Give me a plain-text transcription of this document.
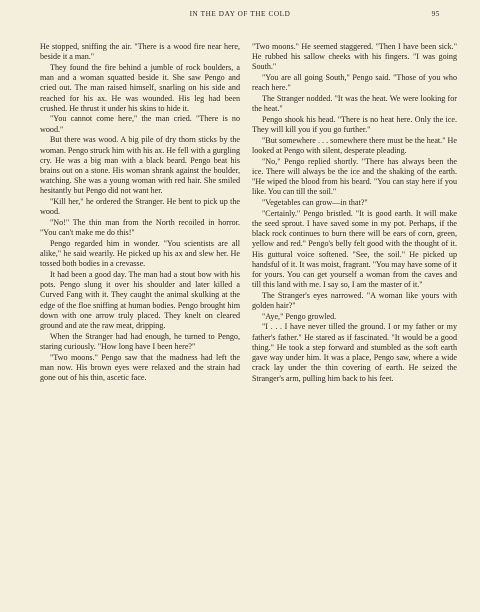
IN THE DAY OF THE COLD	95

He stopped, sniffing the air. "There is a wood fire near here, beside it a man."

They found the fire behind a jumble of rock boulders, a man and a woman squatted beside it. She saw Pengo and cried out. The man raised himself, snarling on his side and reached for his ax. He was wounded. His leg had been crushed. He thrust it under his skins to hide it.

"You cannot come here," the man cried. "There is no wood."

But there was wood. A big pile of dry thorn sticks by the woman. Pengo struck him with his ax. He fell with a gurgling cry. He was a big man with a black beard. Pengo beat his brains out on a stone. His woman shrank against the boulder, watching. She was a young woman with red hair. She smiled hesitantly but Pengo did not want her.

"Kill her," he ordered the Stranger. He bent to pick up the wood.

"No!" The thin man from the North recoiled in horror. "You can't make me do this!"

Pengo regarded him in wonder. "You scientists are all alike," he said wearily. He picked up his ax and slew her. He tossed both bodies in a crevasse.

It had been a good day. The man had a stout bow with his pots. Pengo slung it over his shoulder and later killed a Curved Fang with it. They caught the animal skulking at the edge of the floe sniffing at human bodies. Pengo brought him down with one arrow truly placed. They knelt on cleared ground and ate the raw meat, dripping.

When the Stranger had had enough, he turned to Pengo, staring curiously. "How long have I been here?"

"Two moons." Pengo saw that the madness had left the man now. His brown eyes were relaxed and the strain had gone out of his thin, ascetic face.

"Two moons." He seemed staggered. "Then I have been sick." He rubbed his sallow cheeks with his fingers. "I was going South."

"You are all going South," Pengo said. "Those of you who reach here."

The Stranger nodded. "It was the heat. We were looking for the heat."

Pengo shook his head. "There is no heat here. Only the ice. They will kill you if you go further."

"But somewhere . . . somewhere there must be the heat." He looked at Pengo with silent, desperate pleading.

"No," Pengo replied shortly. "There has always been the ice. There will always be the ice and the shaking of the earth. "He wiped the blood from his beard. "You can stay here if you like. You can till the soil."

"Vegetables can grow—in that?"

"Certainly." Pengo bristled. "It is good earth. It will make the seed sprout. I have saved some in my pot. Perhaps, if the black rock continues to burn there will be ears of corn, green, yellow and red." Pengo's belly felt good with the thought of it. His guttural voice softened. "See, the soil." He picked up handsful of it. It was moist, fragrant. "You may have some of it for yours. You can get yourself a woman from the caves and till this land with me. I say so, I am the master of it."

The Stranger's eyes narrowed. "A woman like yours with golden hair?"

"Aye," Pengo growled.

"I . . . I have never tilled the ground. I or my father or my father's father." He stared as if fascinated. "It would be a good thing." He took a step forward and stumbled as the soft earth gave way under him. It was a place, Pengo saw, where a wide crack lay under the thin covering of earth. He seized the Stranger's arm, pulling him back to his feet.
